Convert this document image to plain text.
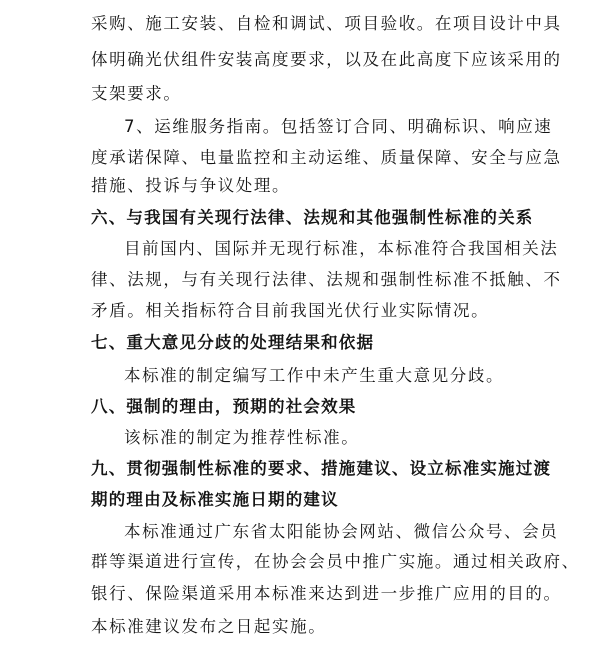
采购、施工安装、自检和调试、项目验收。在项目设计中具
体明确光伏组件安装高度要求，以及在此高度下应该采用的
支架要求。
7、运维服务指南。包括签订合同、明确标识、响应速
度承诺保障、电量监控和主动运维、质量保障、安全与应急
措施、投诉与争议处理。
六、与我国有关现行法律、法规和其他强制性标准的关系
目前国内、国际并无现行标准，本标准符合我国相关法
律、法规，与有关现行法律、法规和强制性标准不抵触、不
矛盾。相关指标符合目前我国光伏行业实际情况。
七、重大意见分歧的处理结果和依据
本标准的制定编写工作中未产生重大意见分歧。
八、强制的理由，预期的社会效果
该标准的制定为推荐性标准。
九、贯彻强制性标准的要求、措施建议、设立标准实施过渡
期的理由及标准实施日期的建议
本标准通过广东省太阳能协会网站、微信公众号、会员
群等渠道进行宣传，在协会会员中推广实施。通过相关政府、
银行、保险渠道采用本标准来达到进一步推广应用的目的。
本标准建议发布之日起实施。
